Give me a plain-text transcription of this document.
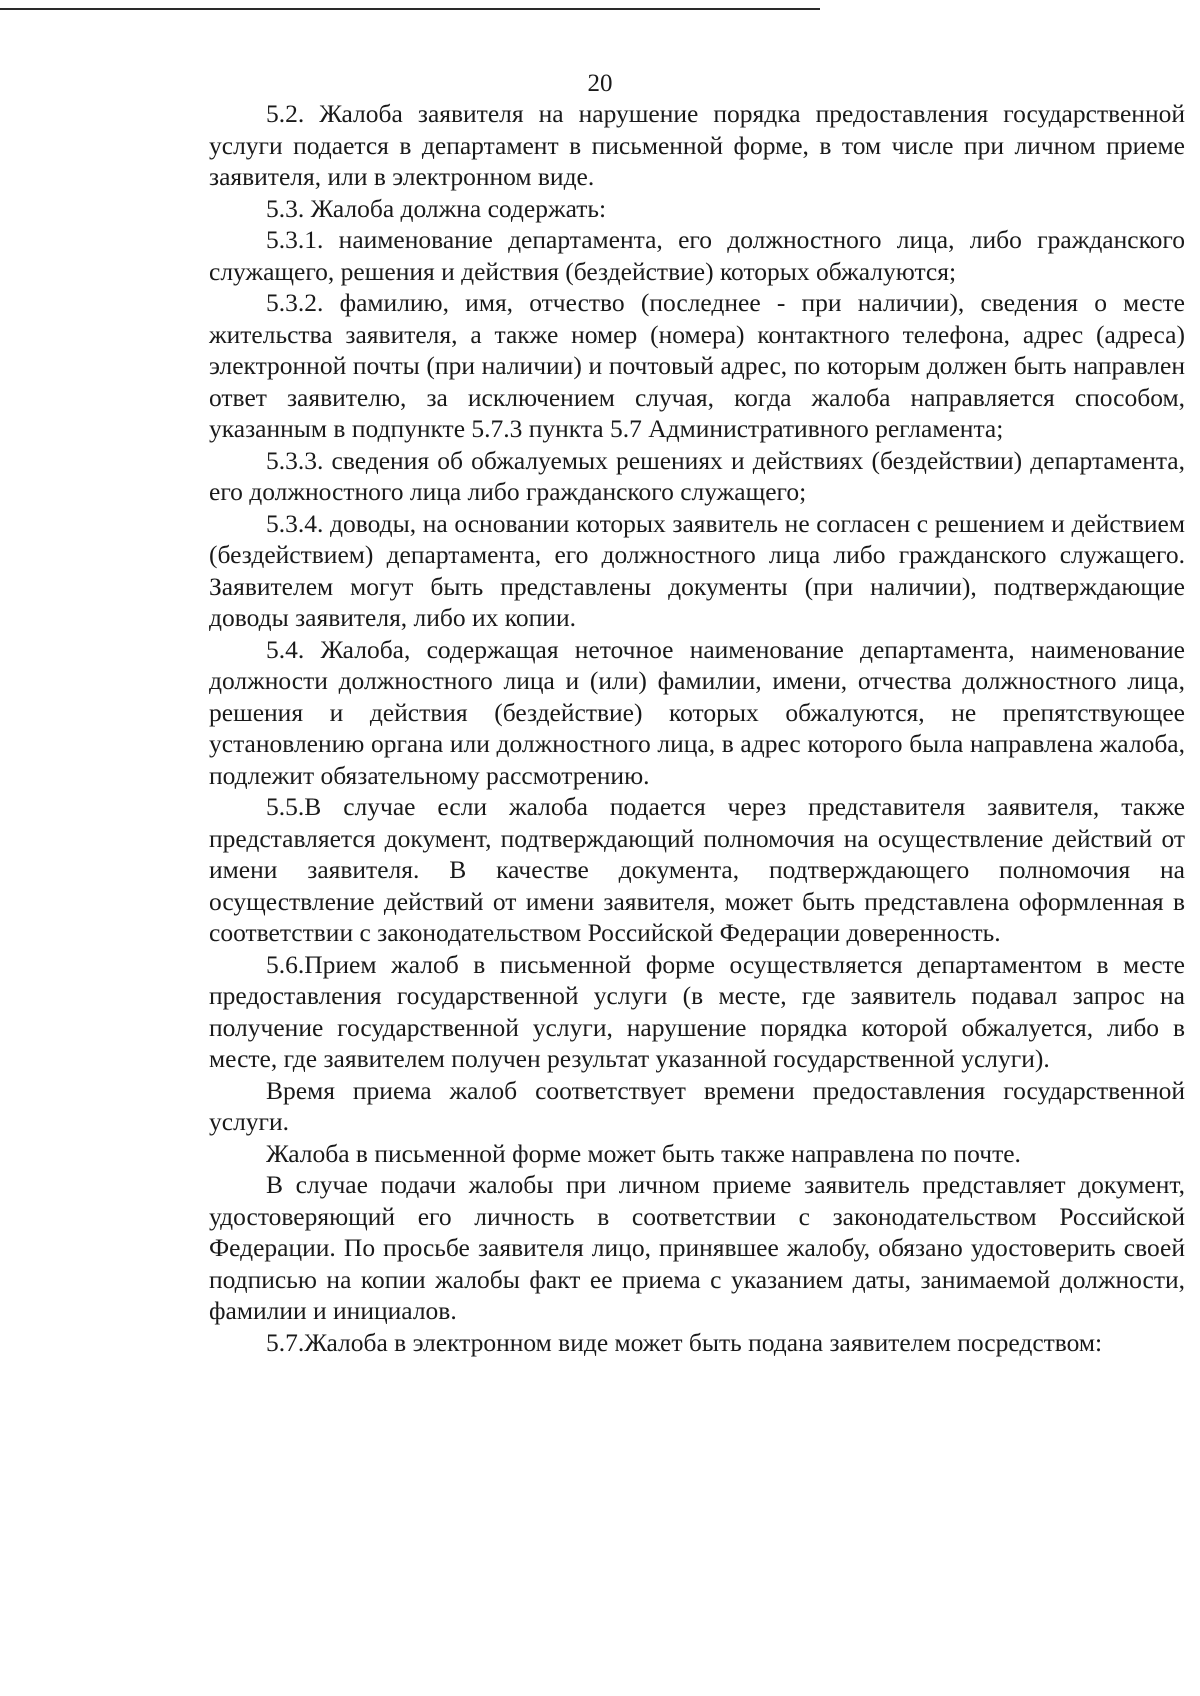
20

5.2. Жалоба заявителя на нарушение порядка предоставления государственной услуги подается в департамент в письменной форме, в том числе при личном приеме заявителя, или в электронном виде.

5.3. Жалоба должна содержать:

5.3.1. наименование департамента, его должностного лица, либо гражданского служащего, решения и действия (бездействие) которых обжалуются;

5.3.2. фамилию, имя, отчество (последнее - при наличии), сведения о месте жительства заявителя, а также номер (номера) контактного телефона, адрес (адреса) электронной почты (при наличии) и почтовый адрес, по которым должен быть направлен ответ заявителю, за исключением случая, когда жалоба направляется способом, указанным в подпункте 5.7.3 пункта 5.7 Административного регламента;

5.3.3. сведения об обжалуемых решениях и действиях (бездействии) департамента, его должностного лица либо гражданского служащего;

5.3.4. доводы, на основании которых заявитель не согласен с решением и действием (бездействием) департамента, его должностного лица либо гражданского служащего. Заявителем могут быть представлены документы (при наличии), подтверждающие доводы заявителя, либо их копии.

5.4. Жалоба, содержащая неточное наименование департамента, наименование должности должностного лица и (или) фамилии, имени, отчества должностного лица, решения и действия (бездействие) которых обжалуются, не препятствующее установлению органа или должностного лица, в адрес которого была направлена жалоба, подлежит обязательному рассмотрению.

5.5.В случае если жалоба подается через представителя заявителя, также представляется документ, подтверждающий полномочия на осуществление действий от имени заявителя. В качестве документа, подтверждающего полномочия на осуществление действий от имени заявителя, может быть представлена оформленная в соответствии с законодательством Российской Федерации доверенность.

5.6.Прием жалоб в письменной форме осуществляется департаментом в месте предоставления государственной услуги (в месте, где заявитель подавал запрос на получение государственной услуги, нарушение порядка которой обжалуется, либо в месте, где заявителем получен результат указанной государственной услуги).

Время приема жалоб соответствует времени предоставления государственной услуги.

Жалоба в письменной форме может быть также направлена по почте.

В случае подачи жалобы при личном приеме заявитель представляет документ, удостоверяющий его личность в соответствии с законодательством Российской Федерации. По просьбе заявителя лицо, принявшее жалобу, обязано удостоверить своей подписью на копии жалобы факт ее приема с указанием даты, занимаемой должности, фамилии и инициалов.

5.7.Жалоба в электронном виде может быть подана заявителем посредством:
